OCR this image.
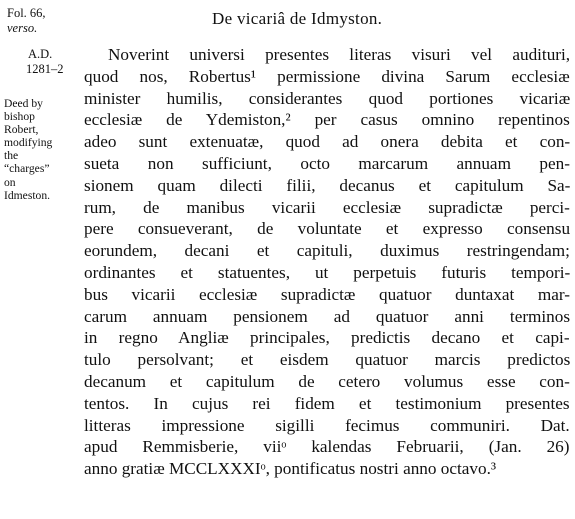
Fol. 66,
verso.
A.D.
1281–2
Deed by
bishop
Robert,
modifying
the
“charges”
on
Idmeston.
De vicariâ de Idmyston.
Noverint universi presentes literas visuri vel audituri,
quod nos, Robertus¹ permissione divina Sarum ecclesiæ
minister humilis, considerantes quod portiones vicariæ
ecclesiæ de Ydemiston,² per casus omnino repentinos
adeo sunt extenuatæ, quod ad onera debita et con-
sueta non sufficiunt, octo marcarum annuam pen-
sionem quam dilecti filii, decanus et capitulum Sa-
rum, de manibus vicarii ecclesiæ supradictæ perci-
pere consueverant, de voluntate et expresso consensu
eorundem, decani et capituli, duximus restringendam;
ordinantes et statuentes, ut perpetuis futuris tempori-
bus vicarii ecclesiæ supradictæ quatuor duntaxat mar-
carum annuam pensionem ad quatuor anni terminos
in regno Angliæ principales, predictis decano et capi-
tulo persolvant; et eisdem quatuor marcis predictos
decanum et capitulum de cetero volumus esse con-
tentos. In cujus rei fidem et testimonium presentes
litteras impressione sigilli fecimus communiri. Dat.
apud Remmisberie, viiᵒ kalendas Februarii, (Jan. 26)
anno gratiæ MCCLXXXIᵒ, pontificatus nostri anno octavo.³
